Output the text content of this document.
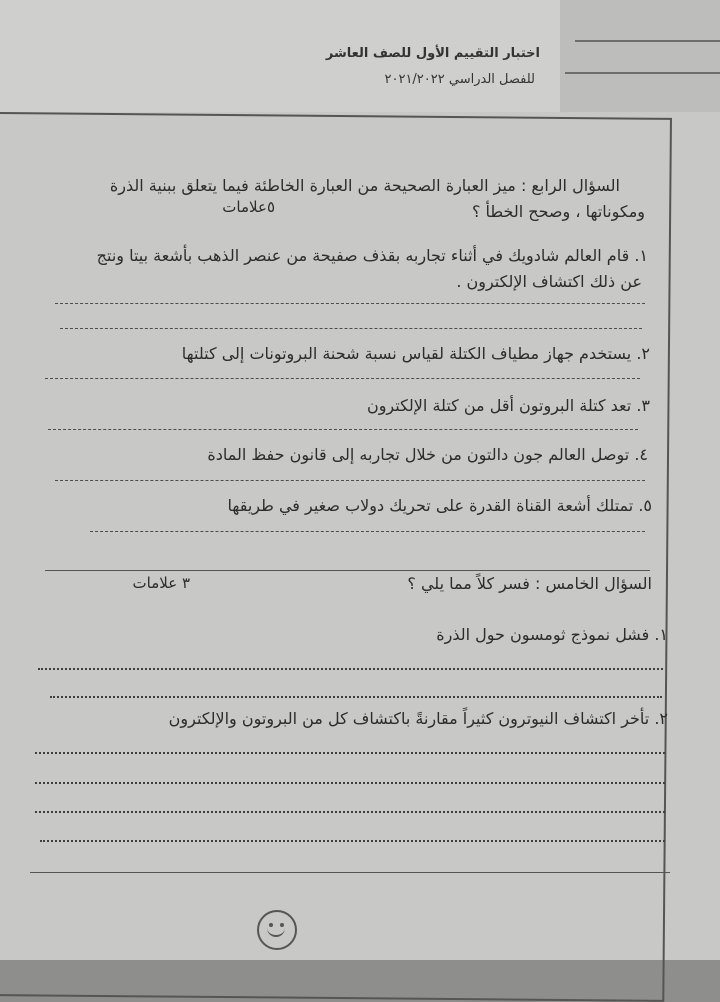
اختبار التقييم الأول للصف العاشر
للفصل الدراسي ٢٠٢١/٢٠٢٢
السؤال الرابع : ميز العبارة الصحيحة من العبارة الخاطئة فيما يتعلق ببنية الذرة
ومكوناتها ، وصحح الخطأ ؟
٥علامات
١. قام العالم شادويك في أثناء تجاربه بقذف صفيحة من عنصر الذهب بأشعة بيتا ونتج
عن ذلك اكتشاف الإلكترون .
٢. يستخدم جهاز مطياف الكتلة لقياس نسبة شحنة البروتونات إلى كتلتها
٣. تعد كتلة البروتون أقل من كتلة الإلكترون
٤. توصل العالم جون دالتون من خلال تجاربه إلى قانون حفظ المادة
٥. تمتلك أشعة القناة القدرة على تحريك دولاب صغير في طريقها
السؤال الخامس : فسر كلاً مما يلي ؟
٣ علامات
١. فشل نموذج ثومسون حول الذرة
٢. تأخر اكتشاف النيوترون كثيراً مقارنةً باكتشاف كل من البروتون والإلكترون
